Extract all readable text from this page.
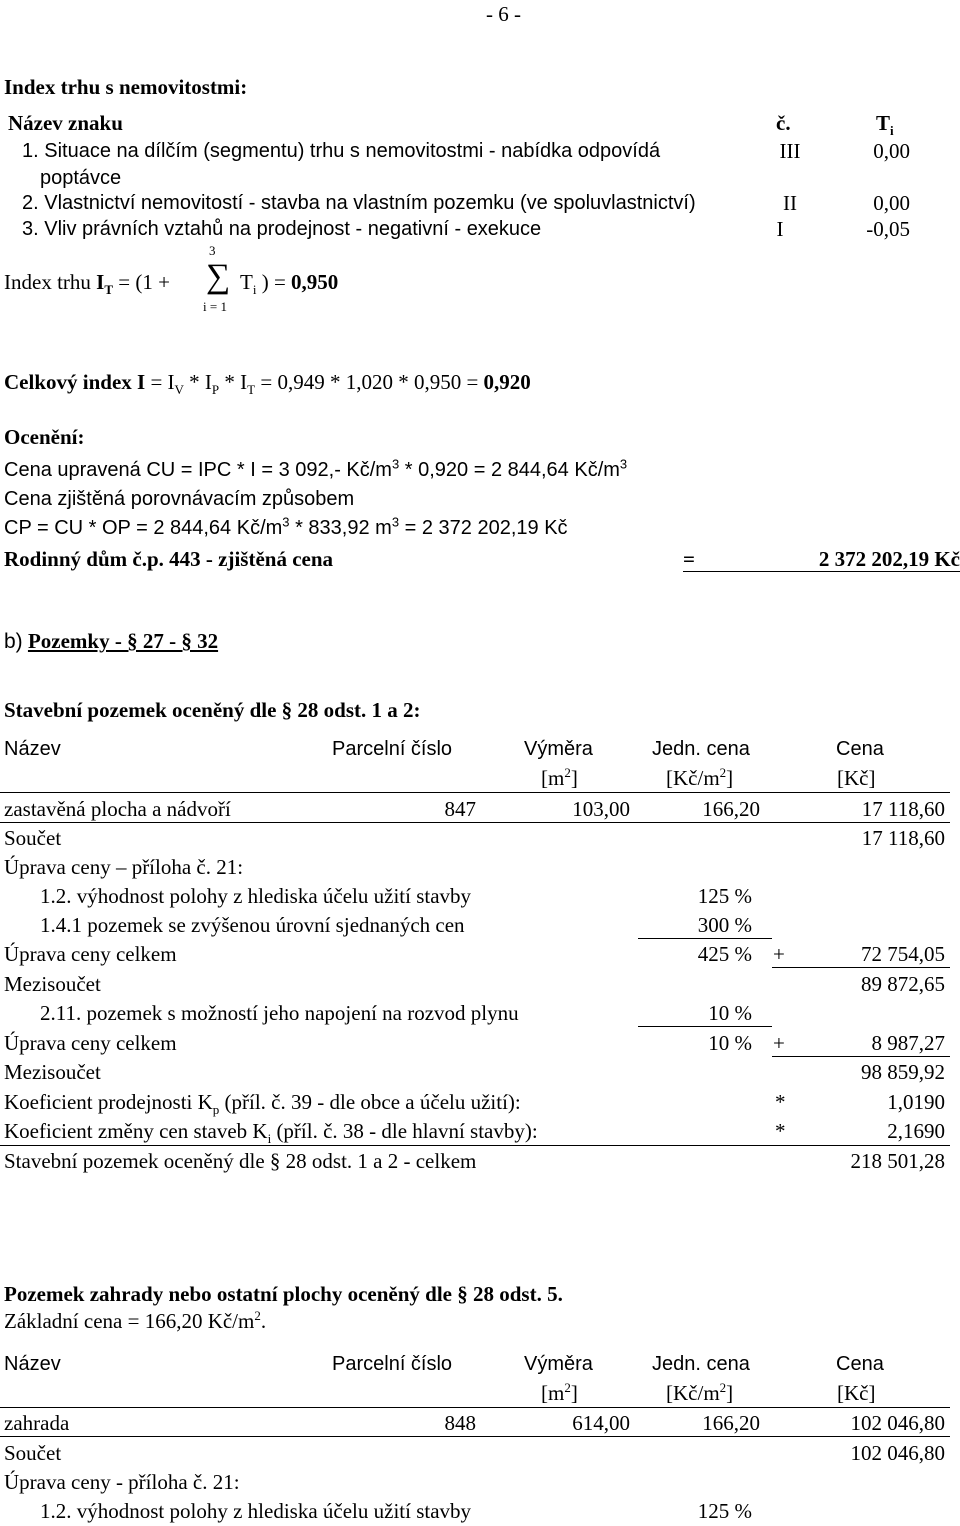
- 6 -
Index trhu s nemovitostmi:
Název znaku	č.	$T_i$
1. Situace na dílčím (segmentu) trhu s nemovitostmi - nabídka odpovídá
poptávce
III	0,00
2. Vlastnictví nemovitostí - stavba na vlastním pozemku (ve spoluvlastnictví)	II	0,00
3. Vliv právních vztahů na prodejnost - negativní - exekuce	I	-0,05
3
Index trhu $I_T = (1$ + ∑ $T_i$ ) = 0,950
i = 1
Celkový index $I = I_V * I_P * I_T = 0,949 * 1,020 * 0,950 = 0,920$
Ocenění:
Cena upravená CU = IPC * I = 3 092,- $Kč/m^3 * 0,920 = 2$ 844,64 $Kč/m^3$
Cena zjištěná porovnávacím způsobem
CP = CU * OP = 2 844,64 $Kč/m^3 * 833,92$ $m^3 = 2$ 372 202,19 Kč
Rodinný dům č.p. 443 - zjištěná cena	=	2 372 202,19 Kč
b) Pozemky - § 27 - § 32
Stavební pozemek oceněný dle § 28 odst. 1 a 2:
Název	Parcelní číslo	Výměra	Jedn. cena	Cena
$[m^2]$	$[Kč/m^2]$	[Kč]
zastavěná plocha a nádvoří	847	103,00	166,20	17 118,60
Součet	17 118,60
Úprava ceny – příloha č. 21:
1.2. výhodnost polohy z hlediska účelu užití stavby	125 %
1.4.1 pozemek se zvýšenou úrovní sjednaných cen	300 %
Úprava ceny celkem	425 % +	72 754,05
Mezisoučet	89 872,65
2.11. pozemek s možností jeho napojení na rozvod plynu	10 %
Úprava ceny celkem	10 % +	8 987,27
Mezisoučet	98 859,92
Koeficient prodejnosti $K_p$ (příl. č. 39 - dle obce a účelu užití):	*	1,0190
Koeficient změny cen staveb $K_i$ (příl. č. 38 - dle hlavní stavby):	*	2,1690
Stavební pozemek oceněný dle § 28 odst. 1 a 2 - celkem	218 501,28
Pozemek zahrady nebo ostatní plochy oceněný dle § 28 odst. 5.
Základní cena = 166,20 $Kč/m^2$.
Název	Parcelní číslo	Výměra	Jedn. cena	Cena
$[m^2]$	$[Kč/m^2]$	[Kč]
zahrada	848	614,00	166,20	102 046,80
Součet	102 046,80
Úprava ceny - příloha č. 21:
1.2. výhodnost polohy z hlediska účelu užití stavby	125 %
